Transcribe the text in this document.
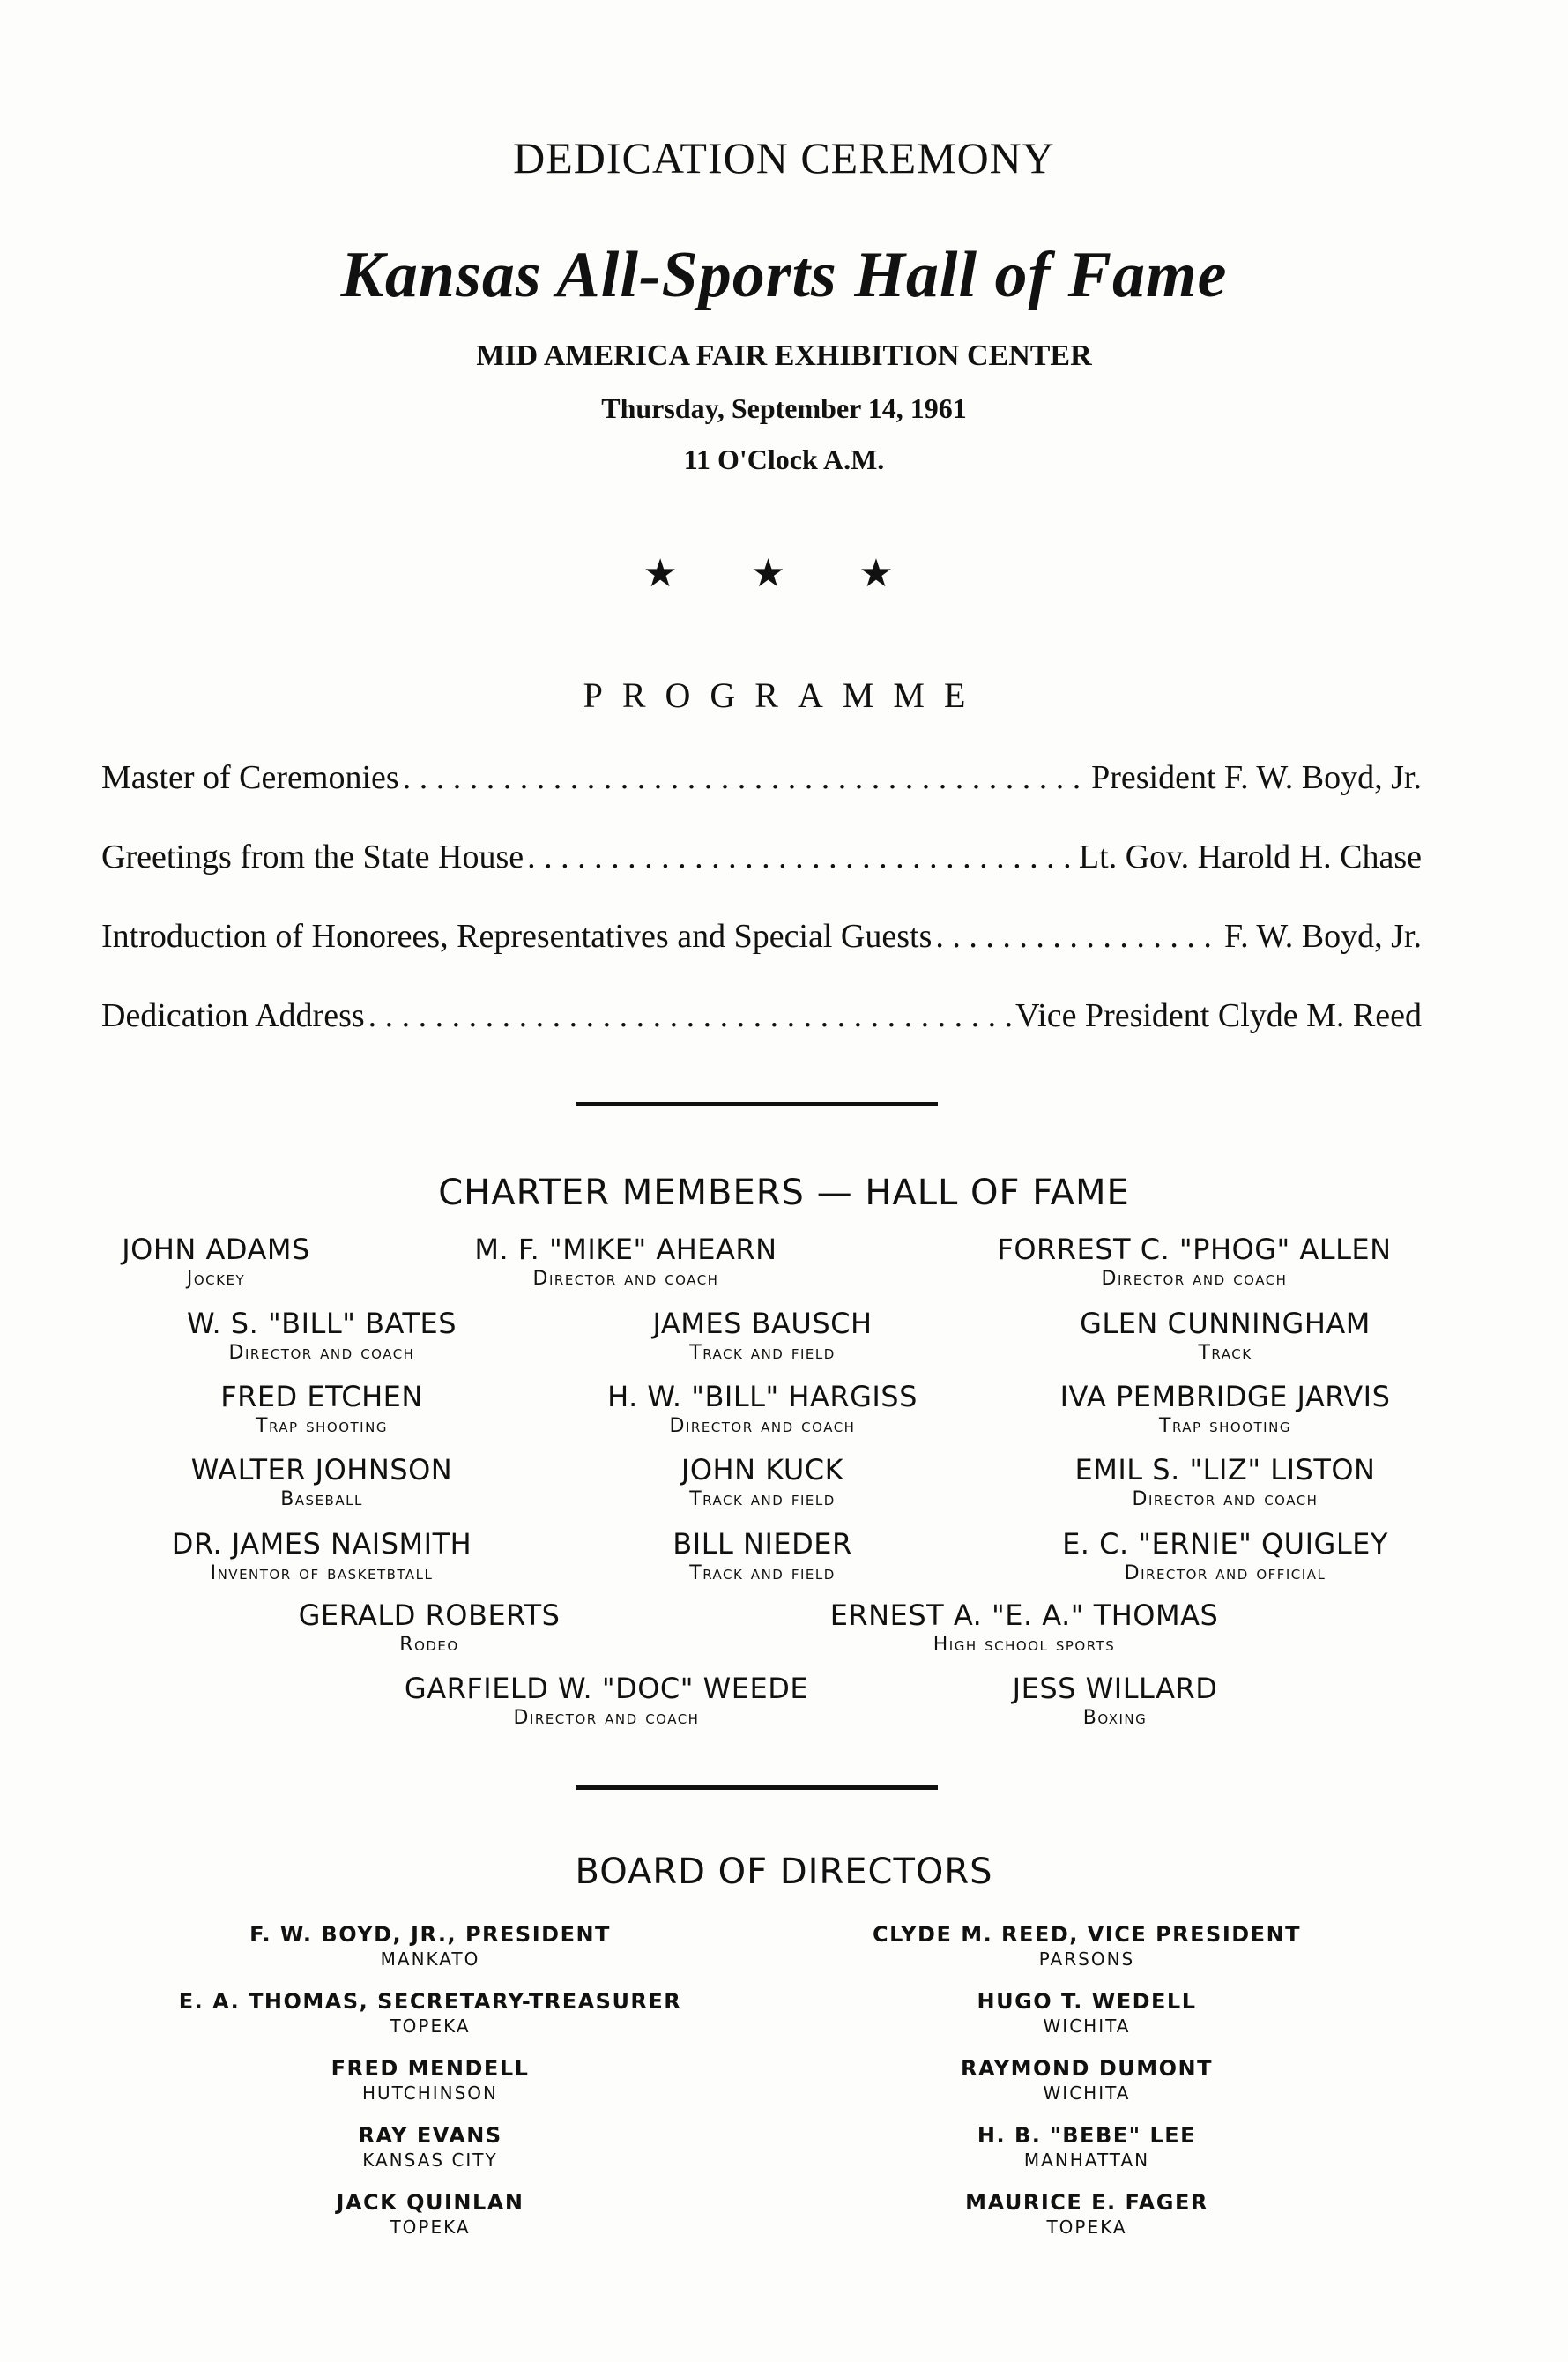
DEDICATION CEREMONY
Kansas All-Sports Hall of Fame
MID AMERICA FAIR EXHIBITION CENTER
Thursday, September 14, 1961
11 O'Clock A.M.
★ ★ ★
PROGRAMME
Master of Ceremonies . . .	President F. W. Boyd, Jr.
Greetings from the State House . . .	Lt. Gov. Harold H. Chase
Introduction of Honorees, Representatives and Special Guests . . .	F. W. Boyd, Jr.
Dedication Address . . .	Vice President Clyde M. Reed
CHARTER MEMBERS — HALL OF FAME
JOHN ADAMS
Jockey
M. F. "MIKE" AHEARN
Director and coach
FORREST C. "PHOG" ALLEN
Director and coach
W. S. "BILL" BATES
Director and coach
JAMES BAUSCH
Track and field
GLEN CUNNINGHAM
Track
FRED ETCHEN
Trap shooting
H. W. "BILL" HARGISS
Director and coach
IVA PEMBRIDGE JARVIS
Trap shooting
WALTER JOHNSON
Baseball
JOHN KUCK
Track and field
EMIL S. "LIZ" LISTON
Director and coach
DR. JAMES NAISMITH
Inventor of basketbtall
BILL NIEDER
Track and field
E. C. "ERNIE" QUIGLEY
Director and official
GERALD ROBERTS
Rodeo
ERNEST A. "E. A." THOMAS
High school sports
GARFIELD W. "DOC" WEEDE
Director and coach
JESS WILLARD
Boxing
BOARD OF DIRECTORS
F. W. BOYD, JR., PRESIDENT
MANKATO
CLYDE M. REED, VICE PRESIDENT
PARSONS
E. A. THOMAS, SECRETARY-TREASURER
TOPEKA
HUGO T. WEDELL
WICHITA
FRED MENDELL
HUTCHINSON
RAYMOND DUMONT
WICHITA
RAY EVANS
KANSAS CITY
H. B. "BEBE" LEE
MANHATTAN
JACK QUINLAN
TOPEKA
MAURICE E. FAGER
TOPEKA
